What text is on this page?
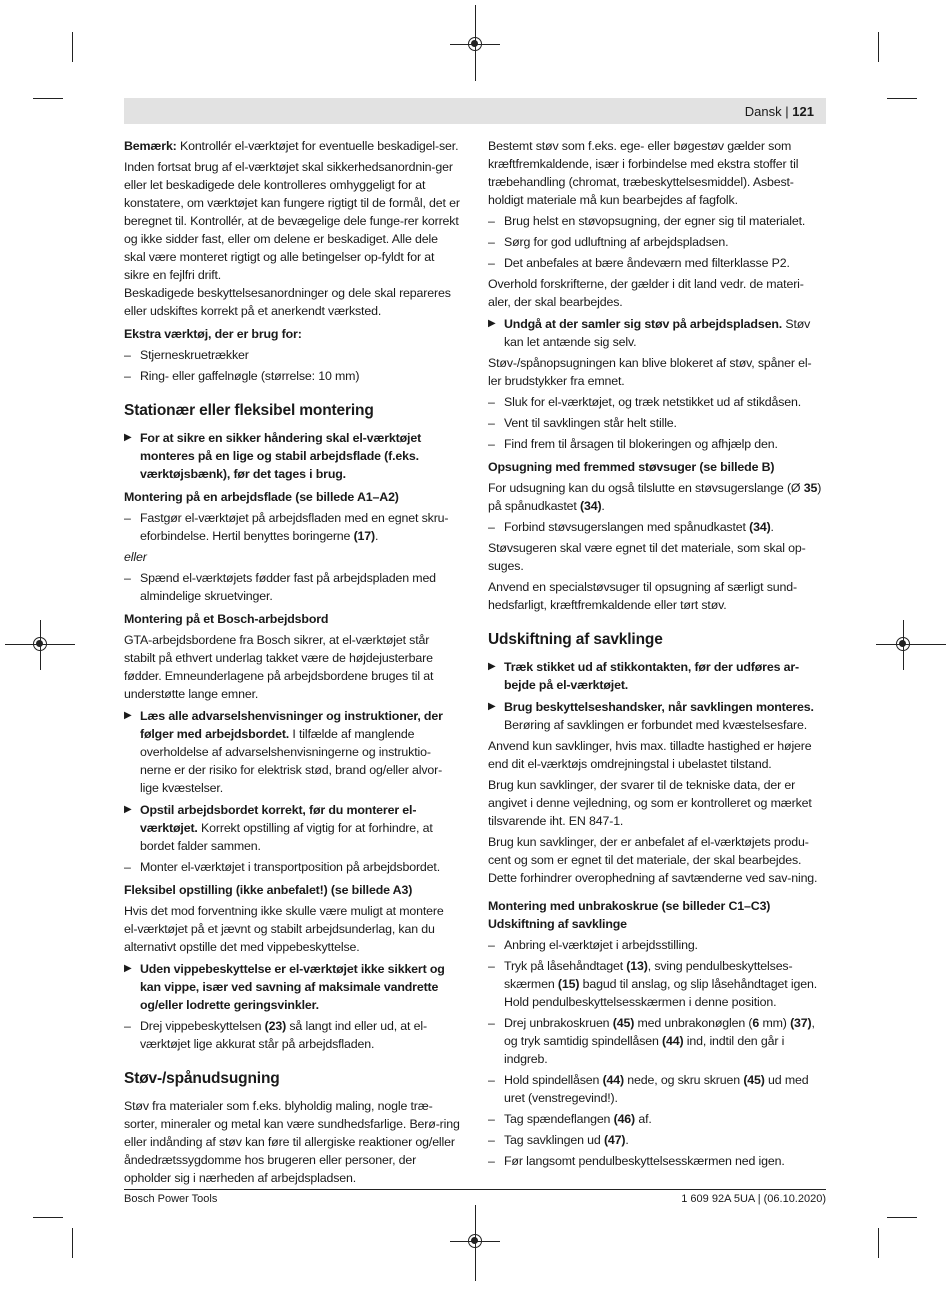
Dansk | 121

Bemærk: Kontrollér el-værktøjet for eventuelle beskadigel-ser.

Inden fortsat brug af el-værktøjet skal sikkerhedsanordnin-ger eller let beskadigede dele kontrolleres omhyggeligt for at konstatere, om værktøjet kan fungere rigtigt til de formål, det er beregnet til. Kontrollér, at de bevægelige dele funge-rer korrekt og ikke sidder fast, eller om delene er beskadiget. Alle dele skal være monteret rigtigt og alle betingelser op-fyldt for at sikre en fejlfri drift.

Beskadigede beskyttelsesanordninger og dele skal repareres eller udskiftes korrekt på et anerkendt værksted.

Ekstra værktøj, der er brug for:

– Stjerneskruetrækker
– Ring- eller gaffelnøgle (størrelse: 10 mm)
Stationær eller fleksibel montering
▶ For at sikre en sikker håndering skal el-værktøjet monteres på en lige og stabil arbejdsflade (f.eks. værktøjsbænk), før det tages i brug.

Montering på en arbejdsflade (se billede A1–A2)

– Fastgør el-værktøjet på arbejdsfladen med en egnet skru-eforbindelse. Hertil benyttes boringerne (17).

eller

– Spænd el-værktøjets fødder fast på arbejdspladen med almindelige skruetvinger.

Montering på et Bosch-arbejdsbord

GTA-arbejdsbordene fra Bosch sikrer, at el-værktøjet står stabilt på ethvert underlag takket være de højdejusterbare fødder. Emneunderlagene på arbejdsbordene bruges til at understøtte lange emner.

▶ Læs alle advarselshenvisninger og instruktioner, der følger med arbejdsbordet. I tilfælde af manglende overholdelse af advarselshenvisningerne og instruktio-nerne er der risiko for elektrisk stød, brand og/eller alvor-lige kvæstelser.
▶ Opstil arbejdsbordet korrekt, før du monterer el-værktøjet. Korrekt opstilling af vigtig for at forhindre, at bordet falder sammen.
– Monter el-værktøjet i transportposition på arbejdsbordet.

Fleksibel opstilling (ikke anbefalet!) (se billede A3)

Hvis det mod forventning ikke skulle være muligt at montere el-værktøjet på et jævnt og stabilt arbejdsunderlag, kan du alternativt opstille det med vippebeskyttelse.

▶ Uden vippebeskyttelse er el-værktøjet ikke sikkert og kan vippe, især ved savning af maksimale vandrette og/eller lodrette geringsvinkler.
– Drej vippebeskyttelsen (23) så langt ind eller ud, at el-værktøjet lige akkurat står på arbejdsfladen.
Støv-/spånudsugning

Støv fra materialer som f.eks. blyholdig maling, nogle træ-sorter, mineraler og metal kan være sundhedsfarlige. Berø-ring eller indånding af støv kan føre til allergiske reaktioner og/eller åndedrætssygdomme hos brugeren eller personer, der opholder sig i nærheden af arbejdspladsen.

Bestemt støv som f.eks. ege- eller bøgestøv gælder som kræftfremkaldende, især i forbindelse med ekstra stoffer til træbehandling (chromat, træbeskyttelsesmiddel). Asbest-holdigt materiale må kun bearbejdes af fagfolk.

– Brug helst en støvopsugning, der egner sig til materialet.
– Sørg for god udluftning af arbejdspladsen.
– Det anbefales at bære åndeværn med filterklasse P2.

Overhold forskrifterne, der gælder i dit land vedr. de materi-aler, der skal bearbejdes.

▶ Undgå at der samler sig støv på arbejdspladsen. Støv kan let antænde sig selv.

Støv-/spånopsugningen kan blive blokeret af støv, spåner el-ler brudstykker fra emnet.

– Sluk for el-værktøjet, og træk netstikket ud af stikdåsen.
– Vent til savklingen står helt stille.
– Find frem til årsagen til blokeringen og afhjælp den.

Opsugning med fremmed støvsuger (se billede B)

For udsugning kan du også tilslutte en støvsugerslange (Ø 35) på spånudkastet (34).

– Forbind støvsugerslangen med spånudkastet (34).

Støvsugeren skal være egnet til det materiale, som skal op-suges.

Anvend en specialstøvsuger til opsugning af særligt sund-hedsfarligt, kræftfremkaldende eller tørt støv.

Udskiftning af savklinge
▶ Træk stikket ud af stikkontakten, før der udføres ar-bejde på el-værktøjet.
▶ Brug beskyttelseshandsker, når savklingen monteres. Berøring af savklingen er forbundet med kvæstelsesfare.

Anvend kun savklinger, hvis max. tilladte hastighed er højere end dit el-værktøjs omdrejningstal i ubelastet tilstand.

Brug kun savklinger, der svarer til de tekniske data, der er angivet i denne vejledning, og som er kontrolleret og mærket tilsvarende iht. EN 847-1.

Brug kun savklinger, der er anbefalet af el-værktøjets produ-cent og som er egnet til det materiale, der skal bearbejdes. Dette forhindrer overophedning af savtænderne ved sav-ning.

Montering med unbrakoskrue (se billeder C1–C3)

Udskiftning af savklinge

– Anbring el-værktøjet i arbejdsstilling.
– Tryk på låsehåndtaget (13), sving pendulbeskyttelses-skærmen (15) bagud til anslag, og slip låsehåndtaget igen.

Hold pendulbeskyttelsesskærmen i denne position.

– Drej unbrakoskruen (45) med unbrakonøglen (6 mm) (37), og tryk samtidig spindellåsen (44) ind, indtil den går i indgreb.
– Hold spindellåsen (44) nede, og skru skruen (45) ud med uret (venstregevind!).
– Tag spændeflangen (46) af.
– Tag savklingen ud (47).
– Før langsomt pendulbeskyttelsesskærmen ned igen.
Bosch Power Tools	1 609 92A 5UA | (06.10.2020)
